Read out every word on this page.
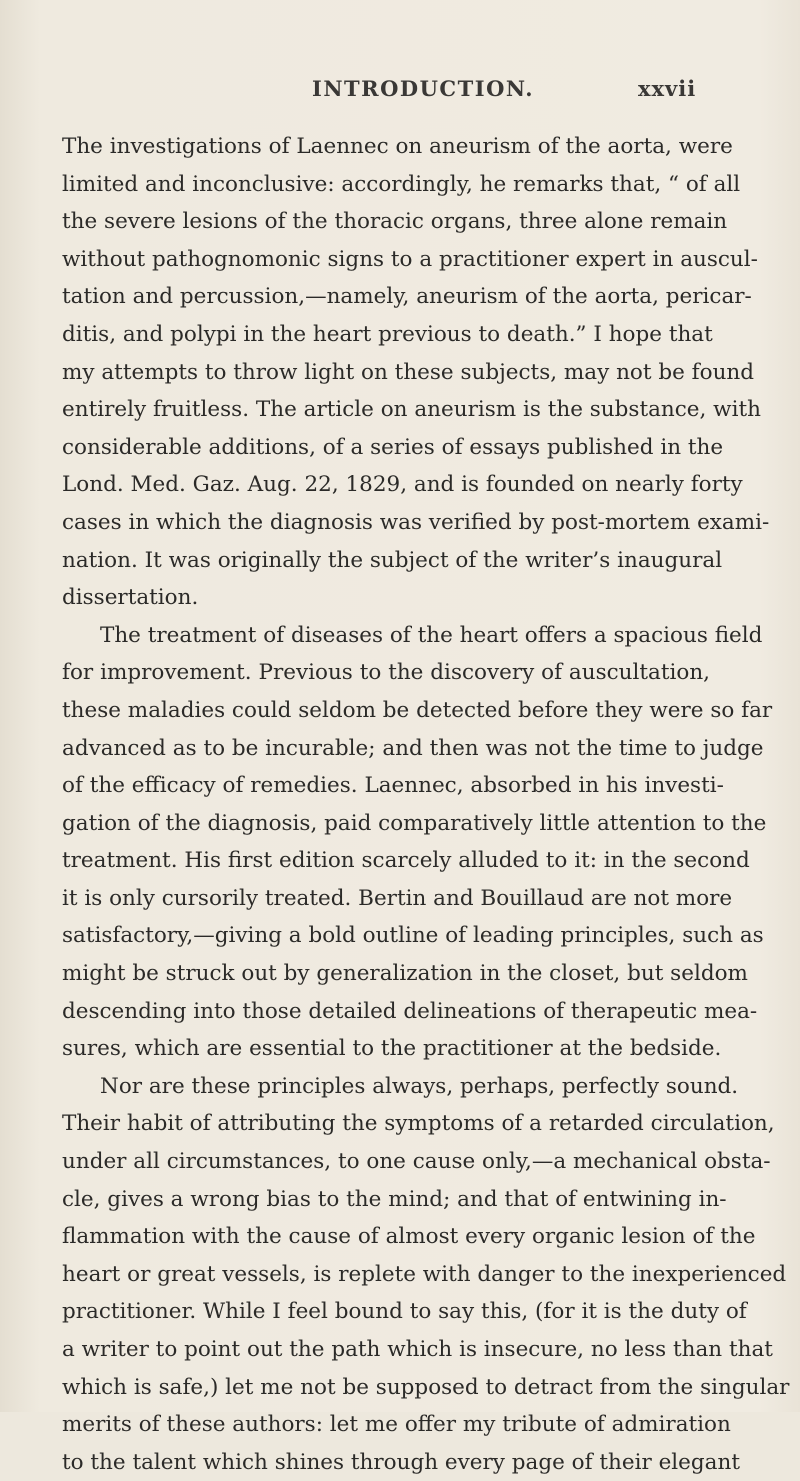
INTRODUCTION.	xxvii
The investigations of Laennec on aneurism of the aorta, were
limited and inconclusive: accordingly, he remarks that, “ of all
the severe lesions of the thoracic organs, three alone remain
without pathognomonic signs to a practitioner expert in auscul-
tation and percussion,—namely, aneurism of the aorta, pericar-
ditis, and polypi in the heart previous to death.” I hope that
my attempts to throw light on these subjects, may not be found
entirely fruitless. The article on aneurism is the substance, with
considerable additions, of a series of essays published in the
Lond. Med. Gaz. Aug. 22, 1829, and is founded on nearly forty
cases in which the diagnosis was verified by post-mortem exami-
nation. It was originally the subject of the writer’s inaugural
dissertation.
The treatment of diseases of the heart offers a spacious field
for improvement. Previous to the discovery of auscultation,
these maladies could seldom be detected before they were so far
advanced as to be incurable; and then was not the time to judge
of the efficacy of remedies. Laennec, absorbed in his investi-
gation of the diagnosis, paid comparatively little attention to the
treatment. His first edition scarcely alluded to it: in the second
it is only cursorily treated. Bertin and Bouillaud are not more
satisfactory,—giving a bold outline of leading principles, such as
might be struck out by generalization in the closet, but seldom
descending into those detailed delineations of therapeutic mea-
sures, which are essential to the practitioner at the bedside.
Nor are these principles always, perhaps, perfectly sound.
Their habit of attributing the symptoms of a retarded circulation,
under all circumstances, to one cause only,—a mechanical obsta-
cle, gives a wrong bias to the mind; and that of entwining in-
flammation with the cause of almost every organic lesion of the
heart or great vessels, is replete with danger to the inexperienced
practitioner. While I feel bound to say this, (for it is the duty of
a writer to point out the path which is insecure, no less than that
which is safe,) let me not be supposed to detract from the singular
merits of these authors: let me offer my tribute of admiration
to the talent which shines through every page of their elegant
